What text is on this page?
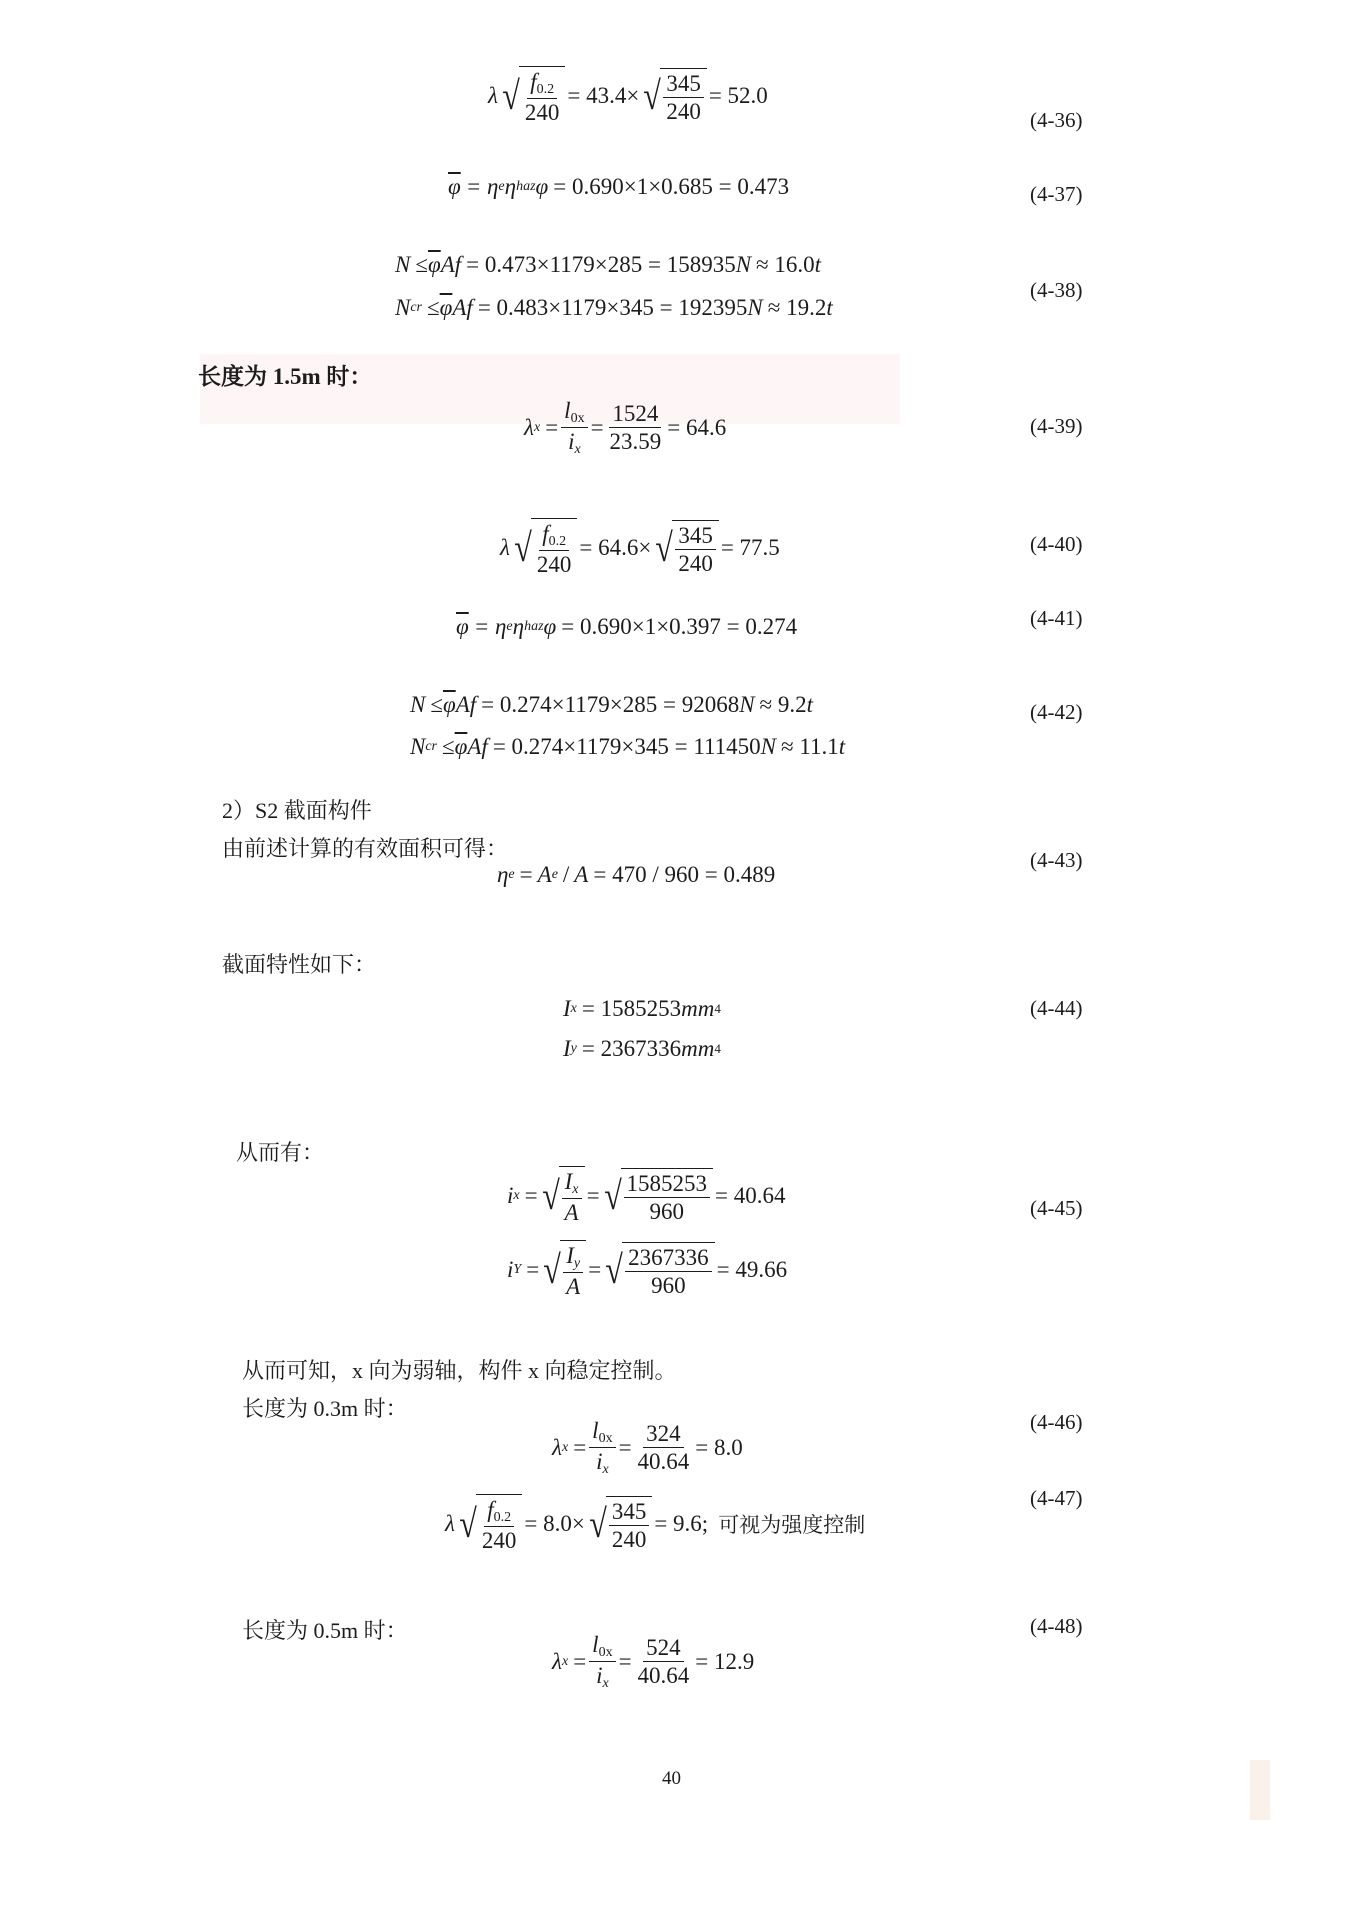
λ √ $\frac{f_{0.2}}{240} = 43.4\times$ √ $\frac{345}{240} = 52.0$
(4-36)
$\overline{\varphi} = \eta$ e η haz φ = 0.690×1×0.685 = 0.473	(4-37)
$N \le \overline{\varphi}$ Af = 0.473×1179×285 = 158935 N ≈ 16.0 t
N cr ≤ $\overline{\varphi}$ Af = 0.483×1179×345 = 192395 N ≈ 19.2 t
(4-38)
长度为 1.5m 时：
λ $x = \frac{l_{0x}}{i_x} = \frac{1524}{23.59} = 64.6$	(4-39)
λ √ $\frac{f_{0.2}}{240} = 64.6\times$ √ $\frac{345}{240} = 77.5$	(4-40)
$\overline{\varphi} = \eta$ e η haz φ = 0.690×1×0.397 = 0.274	(4-41)
$N \le \overline{\varphi}$ Af = 0.274×1179×285 = 92068 N ≈ 9.2 t	(4-42)
N cr ≤ $\overline{\varphi}$ Af = 0.274×1179×345 = 111450 N ≈ 11.1 t
2）S2 截面构件
由前述计算的有效面积可得：
η e = A e / A = 470 / 960 = 0.489
(4-43)
截面特性如下：
I x = 1585253 mm 4	(4-44)
I y = 2367336 mm 4
从而有：
i x = √ $\frac{I_x}{A}$ = √ $\frac{1585253}{960} = 40.64$
(4-45)
i Y = √ $\frac{I_y}{A}$ = √ $\frac{2367336}{960} = 49.66$
从而可知，x 向为弱轴，构件 x 向稳定控制。
长度为 0.3m 时：
λ $x = \frac{l_{0x}}{i_x} = \frac{324}{40.64} = 8.0$
(4-46)
λ √ $\frac{f_{0.2}}{240} = 8.0\times$ √ $\frac{345}{240} = 9.6$; 可视为强度控制
(4-47)
长度为 0.5m 时：	(4-48)
λ $x = \frac{l_{0x}}{i_x} = \frac{524}{40.64} = 12.9$
40
